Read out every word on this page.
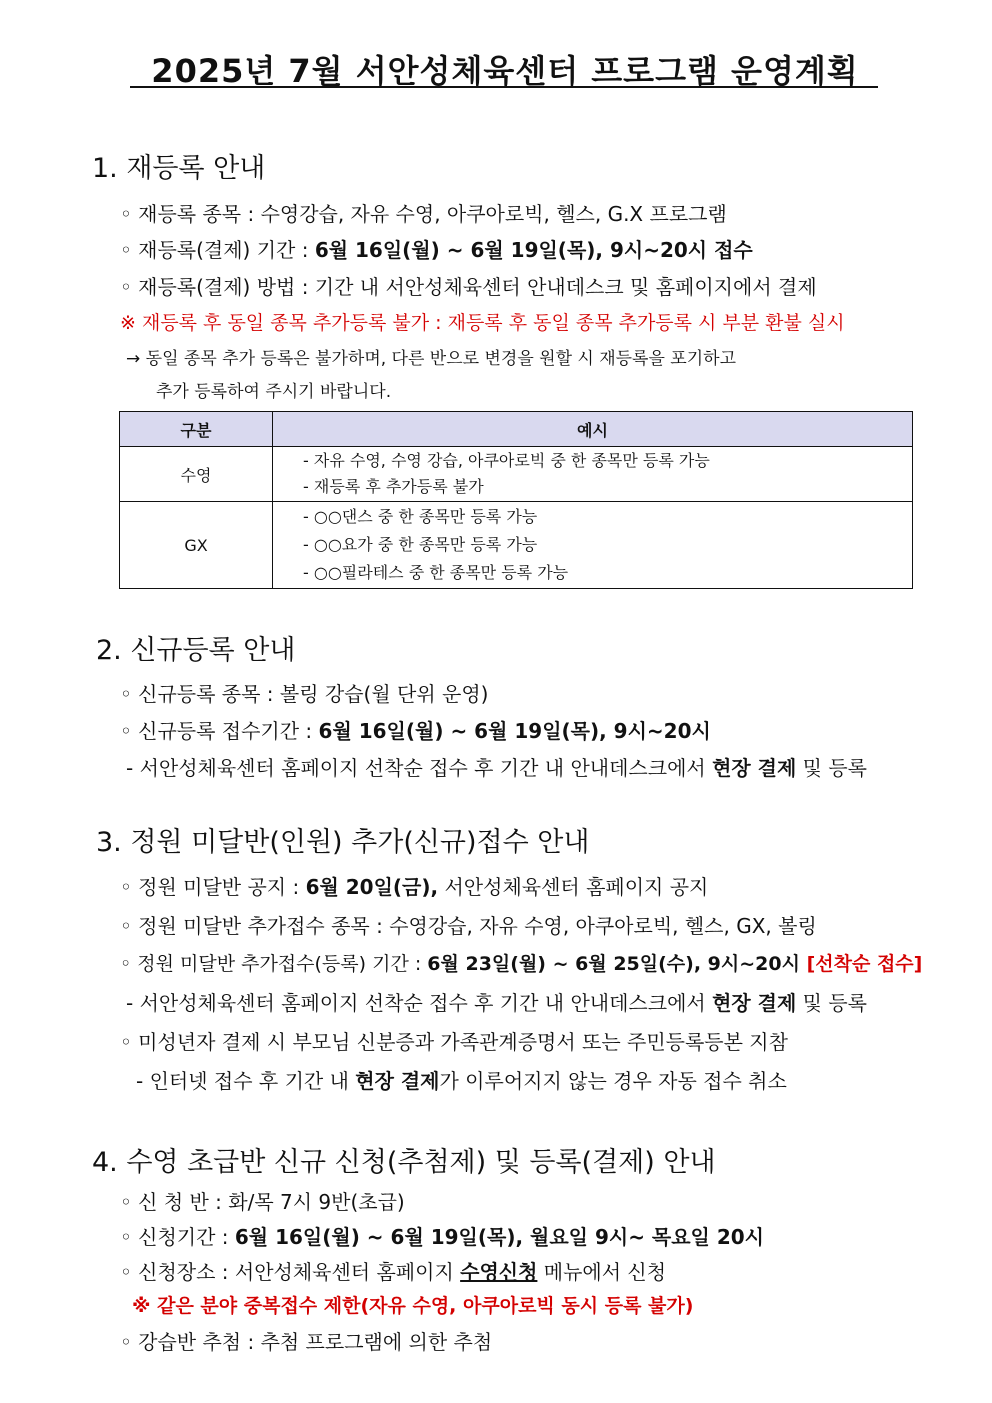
2025년 7월 서안성체육센터 프로그램 운영계획
1. 재등록 안내
◦ 재등록 종목 : 수영강습, 자유 수영, 아쿠아로빅, 헬스, G.X 프로그램
◦ 재등록(결제) 기간 : 6월 16일(월) ~ 6월 19일(목), 9시~20시 접수
◦ 재등록(결제) 방법 : 기간 내 서안성체육센터 안내데스크 및 홈페이지에서 결제
※ 재등록 후 동일 종목 추가등록 불가 : 재등록 후 동일 종목 추가등록 시 부분 환불 실시
→ 동일 종목 추가 등록은 불가하며, 다른 반으로 변경을 원할 시 재등록을 포기하고
추가 등록하여 주시기 바랍니다.
구분	예시
수영	- 자유 수영, 수영 강습, 아쿠아로빅 중 한 종목만 등록 가능
- 재등록 후 추가등록 불가

GX	- ○○댄스 중 한 종목만 등록 가능
- ○○요가 중 한 종목만 등록 가능
- ○○필라테스 중 한 종목만 등록 가능
2. 신규등록 안내
◦ 신규등록 종목 : 볼링 강습(월 단위 운영)
◦ 신규등록 접수기간 : 6월 16일(월) ~ 6월 19일(목), 9시~20시
- 서안성체육센터 홈페이지 선착순 접수 후 기간 내 안내데스크에서 현장 결제 및 등록
3. 정원 미달반(인원) 추가(신규)접수 안내
◦ 정원 미달반 공지 : 6월 20일(금), 서안성체육센터 홈페이지 공지
◦ 정원 미달반 추가접수 종목 : 수영강습, 자유 수영, 아쿠아로빅, 헬스, GX, 볼링
◦ 정원 미달반 추가접수(등록) 기간 : 6월 23일(월) ~ 6월 25일(수), 9시~20시 [선착순 접수]
- 서안성체육센터 홈페이지 선착순 접수 후 기간 내 안내데스크에서 현장 결제 및 등록
◦ 미성년자 결제 시 부모님 신분증과 가족관계증명서 또는 주민등록등본 지참
- 인터넷 접수 후 기간 내 현장 결제가 이루어지지 않는 경우 자동 접수 취소
4. 수영 초급반 신규 신청(추첨제) 및 등록(결제) 안내
◦ 신 청 반 : 화/목 7시 9반(초급)
◦ 신청기간 : 6월 16일(월) ~ 6월 19일(목), 월요일 9시~ 목요일 20시
◦ 신청장소 : 서안성체육센터 홈페이지 수영신청 메뉴에서 신청
※ 같은 분야 중복접수 제한(자유 수영, 아쿠아로빅 동시 등록 불가)
◦ 강습반 추첨 : 추첨 프로그램에 의한 추첨
